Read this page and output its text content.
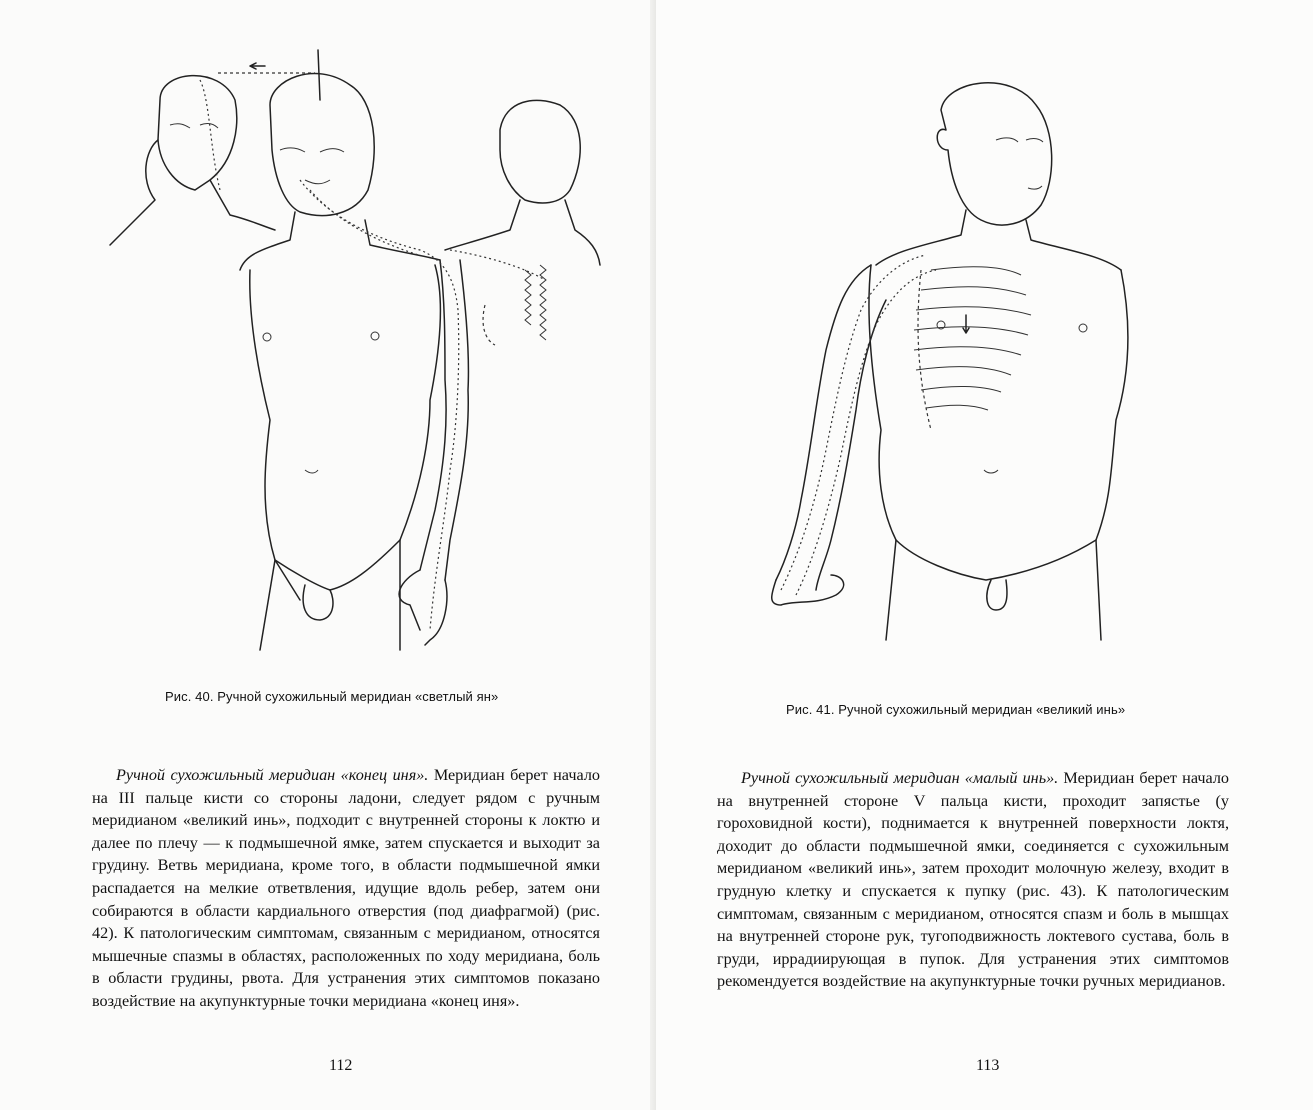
Рис. 40. Ручной сухожильный меридиан «светлый ян»

Ручной сухожильный меридиан «конец иня». Меридиан берет начало на III пальце кисти со стороны ладони, следует рядом с ручным меридианом «великий инь», подходит с внутренней стороны к локтю и далее по плечу — к подмышечной ямке, затем спускается и выходит за грудину. Ветвь меридиана, кроме того, в области подмышечной ямки распадается на мелкие ответвления, идущие вдоль ребер, затем они собираются в области кардиального отверстия (под диафрагмой) (рис. 42). К патологическим симптомам, связанным с меридианом, относятся мышечные спазмы в областях, расположенных по ходу меридиана, боль в области грудины, рвота. Для устранения этих симптомов показано воздействие на акупунктурные точки меридиана «конец иня».

112
Рис. 41. Ручной сухожильный меридиан «великий инь»

Ручной сухожильный меридиан «малый инь». Меридиан берет начало на внутренней стороне V пальца кисти, проходит запястье (у гороховидной кости), поднимается к внутренней поверхности локтя, доходит до области подмышечной ямки, соединяется с сухожильным меридианом «великий инь», затем проходит молочную железу, входит в грудную клетку и спускается к пупку (рис. 43). К патологическим симптомам, связанным с меридианом, относятся спазм и боль в мышцах на внутренней стороне рук, тугоподвижность локтевого сустава, боль в груди, иррадиирующая в пупок. Для устранения этих симптомов рекомендуется воздействие на акупунктурные точки ручных меридианов.

113
